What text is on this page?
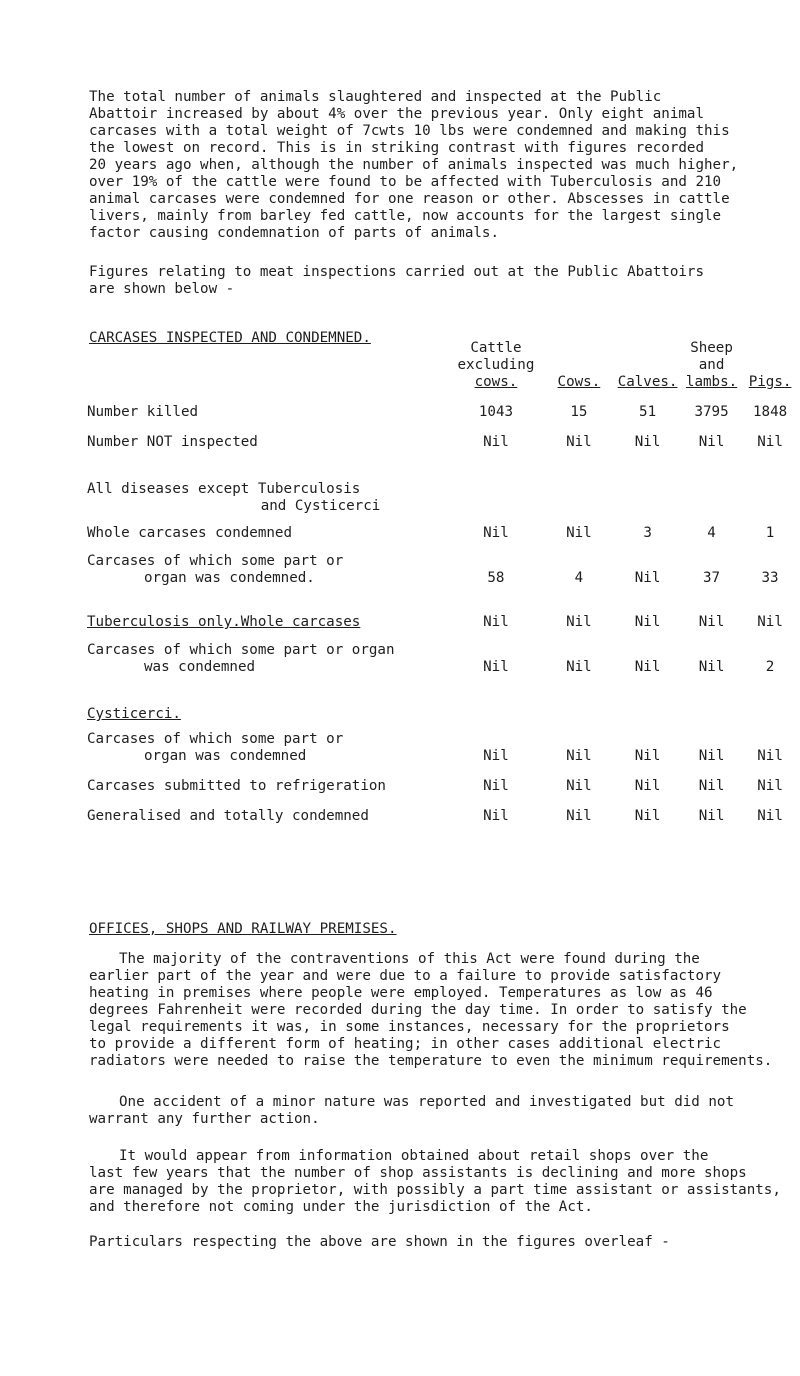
The total number of animals slaughtered and inspected at the Public
Abattoir increased by about 4% over the previous year. Only eight animal
carcases with a total weight of 7cwts 10 lbs were condemned and making this
the lowest on record. This is in striking contrast with figures recorded
20 years ago when, although the number of animals inspected was much higher,
over 19% of the cattle were found to be affected with Tuberculosis and 210
animal carcases were condemned for one reason or other. Abscesses in cattle
livers, mainly from barley fed cattle, now accounts for the largest single
factor causing condemnation of parts of animals.
Figures relating to meat inspections carried out at the Public Abattoirs
are shown below -
CARCASES INSPECTED AND CONDEMNED.
	Cattle			Sheep	
	excluding			and	
	cows.	Cows.	Calves.	lambs.	Pigs.
Number killed	1043	15	51	3795	1848
Number NOT inspected	Nil	Nil	Nil	Nil	Nil
All diseases except Tuberculosis					
and Cysticerci					
Whole carcases condemned	Nil	Nil	3	4	1
Carcases of which some part or					
organ was condemned.	58	4	Nil	37	33
Tuberculosis only.Whole carcases	Nil	Nil	Nil	Nil	Nil
Carcases of which some part or organ					
was condemned	Nil	Nil	Nil	Nil	2
Cysticerci.					
Carcases of which some part or					
organ was condemned	Nil	Nil	Nil	Nil	Nil
Carcases submitted to refrigeration	Nil	Nil	Nil	Nil	Nil
Generalised and totally condemned	Nil	Nil	Nil	Nil	Nil
OFFICES, SHOPS AND RAILWAY PREMISES.
The majority of the contraventions of this Act were found during the
earlier part of the year and were due to a failure to provide satisfactory
heating in premises where people were employed. Temperatures as low as 46
degrees Fahrenheit were recorded during the day time. In order to satisfy the
legal requirements it was, in some instances, necessary for the proprietors
to provide a different form of heating; in other cases additional electric
radiators were needed to raise the temperature to even the minimum requirements.
One accident of a minor nature was reported and investigated but did not
warrant any further action.
It would appear from information obtained about retail shops over the
last few years that the number of shop assistants is declining and more shops
are managed by the proprietor, with possibly a part time assistant or assistants,
and therefore not coming under the jurisdiction of the Act.
Particulars respecting the above are shown in the figures overleaf -
